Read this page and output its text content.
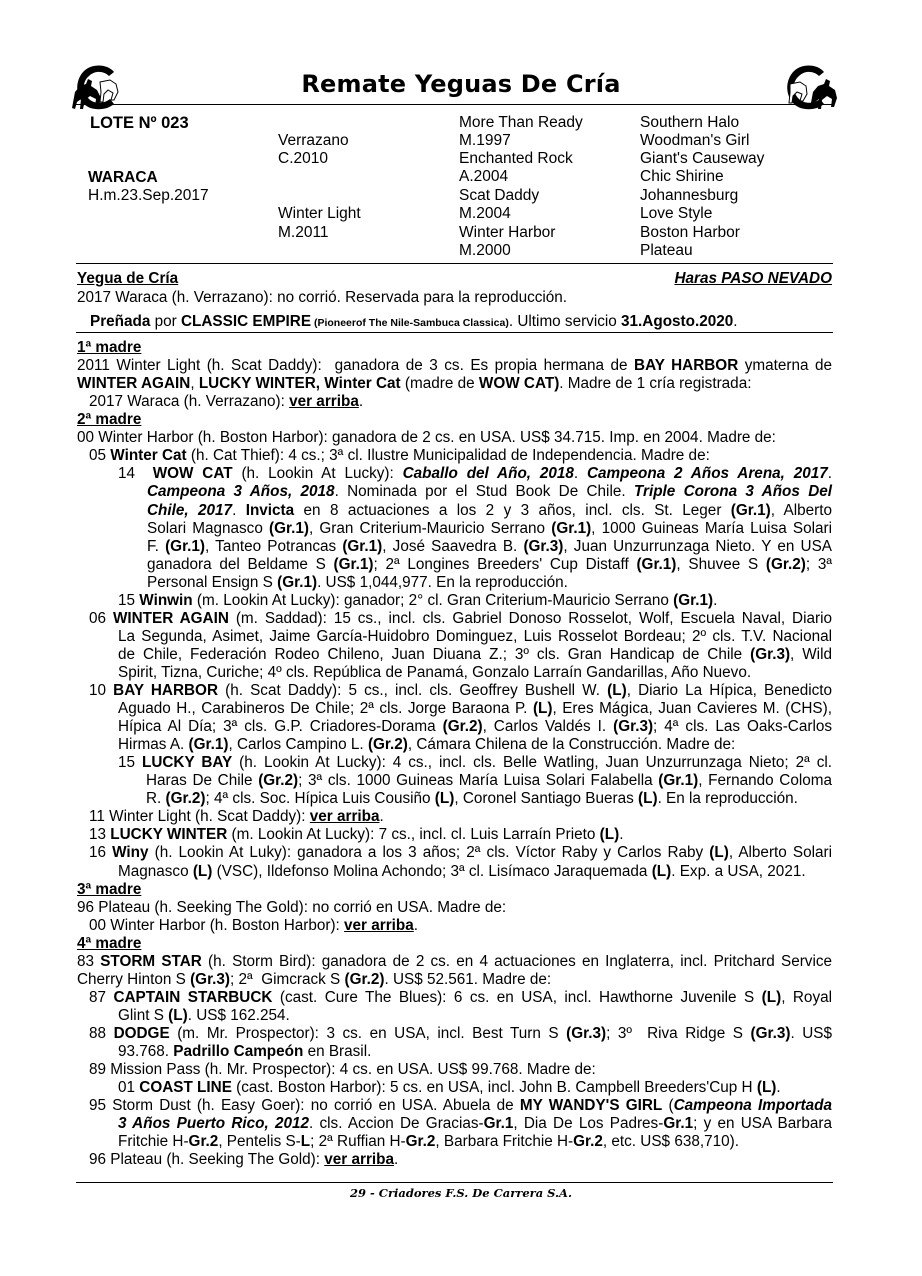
Remate Yeguas De Cría
LOTE Nº 023
WARACA
H.m.23.Sep.2017
Verrazano
C.2010
Winter Light
M.2011
More Than Ready
M.1997
Enchanted Rock
A.2004
Scat Daddy
M.2004
Winter Harbor
M.2000
Southern Halo
Woodman's Girl
Giant's Causeway
Chic Shirine
Johannesburg
Love Style
Boston Harbor
Plateau
Yegua de Cría	Haras PASO NEVADO
2017 Waraca (h. Verrazano): no corrió. Reservada para la reproducción.
Preñada por CLASSIC EMPIRE (Pioneerof The Nile-Sambuca Classica). Ultimo servicio 31.Agosto.2020.
1ª madre
2011 Winter Light (h. Scat Daddy):  ganadora de 3 cs. Es propia hermana de BAY HARBOR ymaterna de
WINTER AGAIN, LUCKY WINTER, Winter Cat (madre de WOW CAT). Madre de 1 cría registrada:
2017 Waraca (h. Verrazano): ver arriba.
2ª madre
00 Winter Harbor (h. Boston Harbor): ganadora de 2 cs. en USA. US$ 34.715. Imp. en 2004. Madre de:
05 Winter Cat (h. Cat Thief): 4 cs.; 3ª cl. Ilustre Municipalidad de Independencia. Madre de:
14  WOW CAT (h. Lookin At Lucky): Caballo del Año, 2018. Campeona 2 Años Arena, 2017.
Campeona 3 Años, 2018. Nominada por el Stud Book De Chile. Triple Corona 3 Años Del
Chile, 2017. Invicta en 8 actuaciones a los 2 y 3 años, incl. cls. St. Leger (Gr.1), Alberto
Solari Magnasco (Gr.1), Gran Criterium-Mauricio Serrano (Gr.1), 1000 Guineas María Luisa Solari
F. (Gr.1), Tanteo Potrancas (Gr.1), José Saavedra B. (Gr.3), Juan Unzurrunzaga Nieto. Y en USA
ganadora del Beldame S (Gr.1); 2ª Longines Breeders' Cup Distaff (Gr.1), Shuvee S (Gr.2); 3ª
Personal Ensign S (Gr.1). US$ 1,044,977. En la reproducción.
15 Winwin (m. Lookin At Lucky): ganador; 2° cl. Gran Criterium-Mauricio Serrano (Gr.1).
06 WINTER AGAIN (m. Saddad): 15 cs., incl. cls. Gabriel Donoso Rosselot, Wolf, Escuela Naval, Diario
La Segunda, Asimet, Jaime García-Huidobro Dominguez, Luis Rosselot Bordeau; 2º cls. T.V. Nacional
de Chile, Federación Rodeo Chileno, Juan Diuana Z.; 3º cls. Gran Handicap de Chile (Gr.3), Wild
Spirit, Tizna, Curiche; 4º cls. República de Panamá, Gonzalo Larraín Gandarillas, Año Nuevo.
10 BAY HARBOR (h. Scat Daddy): 5 cs., incl. cls. Geoffrey Bushell W. (L), Diario La Hípica, Benedicto
Aguado H., Carabineros De Chile; 2ª cls. Jorge Baraona P. (L), Eres Mágica, Juan Cavieres M. (CHS),
Hípica Al Día; 3ª cls. G.P. Criadores-Dorama (Gr.2), Carlos Valdés I. (Gr.3); 4ª cls. Las Oaks-Carlos
Hirmas A. (Gr.1), Carlos Campino L. (Gr.2), Cámara Chilena de la Construcción. Madre de:
15 LUCKY BAY (h. Lookin At Lucky): 4 cs., incl. cls. Belle Watling, Juan Unzurrunzaga Nieto; 2ª cl.
Haras De Chile (Gr.2); 3ª cls. 1000 Guineas María Luisa Solari Falabella (Gr.1), Fernando Coloma
R. (Gr.2); 4ª cls. Soc. Hípica Luis Cousiño (L), Coronel Santiago Bueras (L). En la reproducción.
11 Winter Light (h. Scat Daddy): ver arriba.
13 LUCKY WINTER (m. Lookin At Lucky): 7 cs., incl. cl. Luis Larraín Prieto (L).
16 Winy (h. Lookin At Luky): ganadora a los 3 años; 2ª cls. Víctor Raby y Carlos Raby (L), Alberto Solari
Magnasco (L) (VSC), Ildefonso Molina Achondo; 3ª cl. Lisímaco Jaraquemada (L). Exp. a USA, 2021.
3ª madre
96 Plateau (h. Seeking The Gold): no corrió en USA. Madre de:
00 Winter Harbor (h. Boston Harbor): ver arriba.
4ª madre
83 STORM STAR (h. Storm Bird): ganadora de 2 cs. en 4 actuaciones en Inglaterra, incl. Pritchard Service
Cherry Hinton S (Gr.3); 2ª  Gimcrack S (Gr.2). US$ 52.561. Madre de:
87 CAPTAIN STARBUCK (cast. Cure The Blues): 6 cs. en USA, incl. Hawthorne Juvenile S (L), Royal
Glint S (L). US$ 162.254.
88 DODGE (m. Mr. Prospector): 3 cs. en USA, incl. Best Turn S (Gr.3); 3º  Riva Ridge S (Gr.3). US$
93.768. Padrillo Campeón en Brasil.
89 Mission Pass (h. Mr. Prospector): 4 cs. en USA. US$ 99.768. Madre de:
01 COAST LINE (cast. Boston Harbor): 5 cs. en USA, incl. John B. Campbell Breeders'Cup H (L).
95 Storm Dust (h. Easy Goer): no corrió en USA. Abuela de MY WANDY'S GIRL (Campeona Importada
3 Años Puerto Rico, 2012. cls. Accion De Gracias-Gr.1, Dia De Los Padres-Gr.1; y en USA Barbara
Fritchie H-Gr.2, Pentelis S-L; 2ª Ruffian H-Gr.2, Barbara Fritchie H-Gr.2, etc. US$ 638,710).
96 Plateau (h. Seeking The Gold): ver arriba.
29 - Criadores F.S. De Carrera S.A.
